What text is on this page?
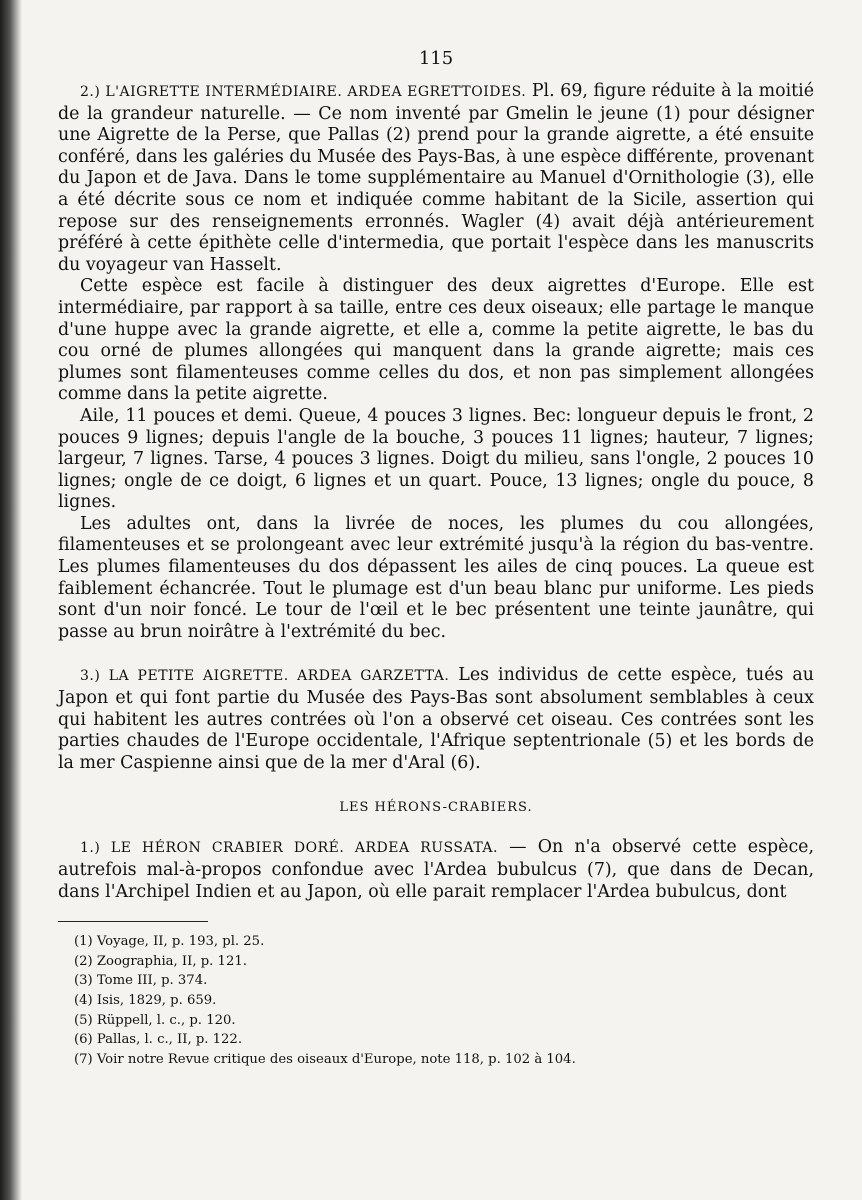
115

2.) L'AIGRETTE INTERMÉDIAIRE. ARDEA EGRETTOIDES. Pl. 69, figure réduite à la moitié de la grandeur naturelle. — Ce nom inventé par Gmelin le jeune (1) pour désigner une Aigrette de la Perse, que Pallas (2) prend pour la grande aigrette, a été ensuite conféré, dans les galéries du Musée des Pays-Bas, à une espèce différente, provenant du Japon et de Java. Dans le tome supplémentaire au Manuel d'Ornithologie (3), elle a été décrite sous ce nom et indiquée comme habitant de la Sicile, assertion qui repose sur des renseignements erronnés. Wagler (4) avait déjà antérieurement préféré à cette épithète celle d'intermedia, que portait l'espèce dans les manuscrits du voyageur van Hasselt.

Cette espèce est facile à distinguer des deux aigrettes d'Europe. Elle est intermédiaire, par rapport à sa taille, entre ces deux oiseaux; elle partage le manque d'une huppe avec la grande aigrette, et elle a, comme la petite aigrette, le bas du cou orné de plumes allongées qui manquent dans la grande aigrette; mais ces plumes sont filamenteuses comme celles du dos, et non pas simplement allongées comme dans la petite aigrette.

Aile, 11 pouces et demi. Queue, 4 pouces 3 lignes. Bec: longueur depuis le front, 2 pouces 9 lignes; depuis l'angle de la bouche, 3 pouces 11 lignes; hauteur, 7 lignes; largeur, 7 lignes. Tarse, 4 pouces 3 lignes. Doigt du milieu, sans l'ongle, 2 pouces 10 lignes; ongle de ce doigt, 6 lignes et un quart. Pouce, 13 lignes; ongle du pouce, 8 lignes.

Les adultes ont, dans la livrée de noces, les plumes du cou allongées, filamenteuses et se prolongeant avec leur extrémité jusqu'à la région du bas-ventre. Les plumes filamenteuses du dos dépassent les ailes de cinq pouces. La queue est faiblement échancrée. Tout le plumage est d'un beau blanc pur uniforme. Les pieds sont d'un noir foncé. Le tour de l'œil et le bec présentent une teinte jaunâtre, qui passe au brun noirâtre à l'extrémité du bec.

3.) LA PETITE AIGRETTE. ARDEA GARZETTA. Les individus de cette espèce, tués au Japon et qui font partie du Musée des Pays-Bas sont absolument semblables à ceux qui habitent les autres contrées où l'on a observé cet oiseau. Ces contrées sont les parties chaudes de l'Europe occidentale, l'Afrique septentrionale (5) et les bords de la mer Caspienne ainsi que de la mer d'Aral (6).

LES HÉRONS-CRABIERS.

1.) LE HÉRON CRABIER DORÉ. ARDEA RUSSATA. — On n'a observé cette espèce, autrefois mal-à-propos confondue avec l'Ardea bubulcus (7), que dans de Decan, dans l'Archipel Indien et au Japon, où elle parait remplacer l'Ardea bubulcus, dont

(1) Voyage, II, p. 193, pl. 25.

(2) Zoographia, II, p. 121.

(3) Tome III, p. 374.

(4) Isis, 1829, p. 659.

(5) Rüppell, l. c., p. 120.

(6) Pallas, l. c., II, p. 122.

(7) Voir notre Revue critique des oiseaux d'Europe, note 118, p. 102 à 104.
